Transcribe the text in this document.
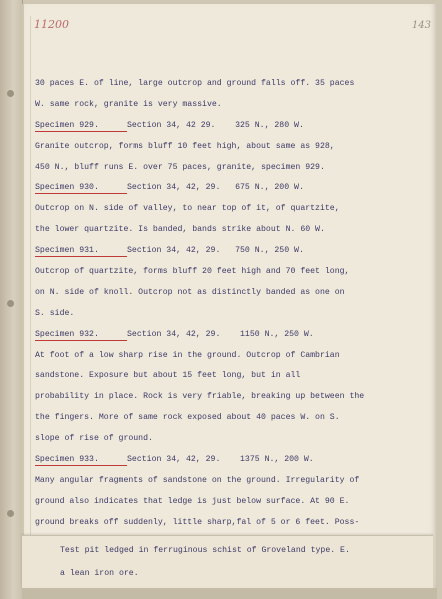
11200	143
30 paces E. of line, large outcrop and ground falls off. 35 paces
W. same rock, granite is very massive.
Specimen 929.	Section 34, 42 29.    325 N., 280 W.
Granite outcrop, forms bluff 10 feet high, about same as 928,
450 N., bluff runs E. over 75 paces, granite, specimen 929.
Specimen 930.	Section 34, 42, 29.   675 N., 200 W.
Outcrop on N. side of valley, to near top of it, of quartzite,
the lower quartzite. Is banded, bands strike about N. 60 W.
Specimen 931.	Section 34, 42, 29.   750 N., 250 W.
Outcrop of quartzite, forms bluff 20 feet high and 70 feet long,
on N. side of knoll. Outcrop not as distinctly banded as one on
S. side.
Specimen 932.	Section 34, 42, 29.    1150 N., 250 W.
At foot of a low sharp rise in the ground. Outcrop of Cambrian
sandstone. Exposure but about 15 feet long, but in all
probability in place. Rock is very friable, breaking up between the
the fingers. More of same rock exposed about 40 paces W. on S.
slope of rise of ground.
Specimen 933.	Section 34, 42, 29.    1375 N., 200 W.
Many angular fragments of sandstone on the ground. Irregularity of
ground also indicates that ledge is just below surface. At 90 E.
ground breaks off suddenly, little sharp,fal of 5 or 6 feet. Poss-
Test pit ledged in ferruginous schist of Groveland type. E.
a lean iron ore.
